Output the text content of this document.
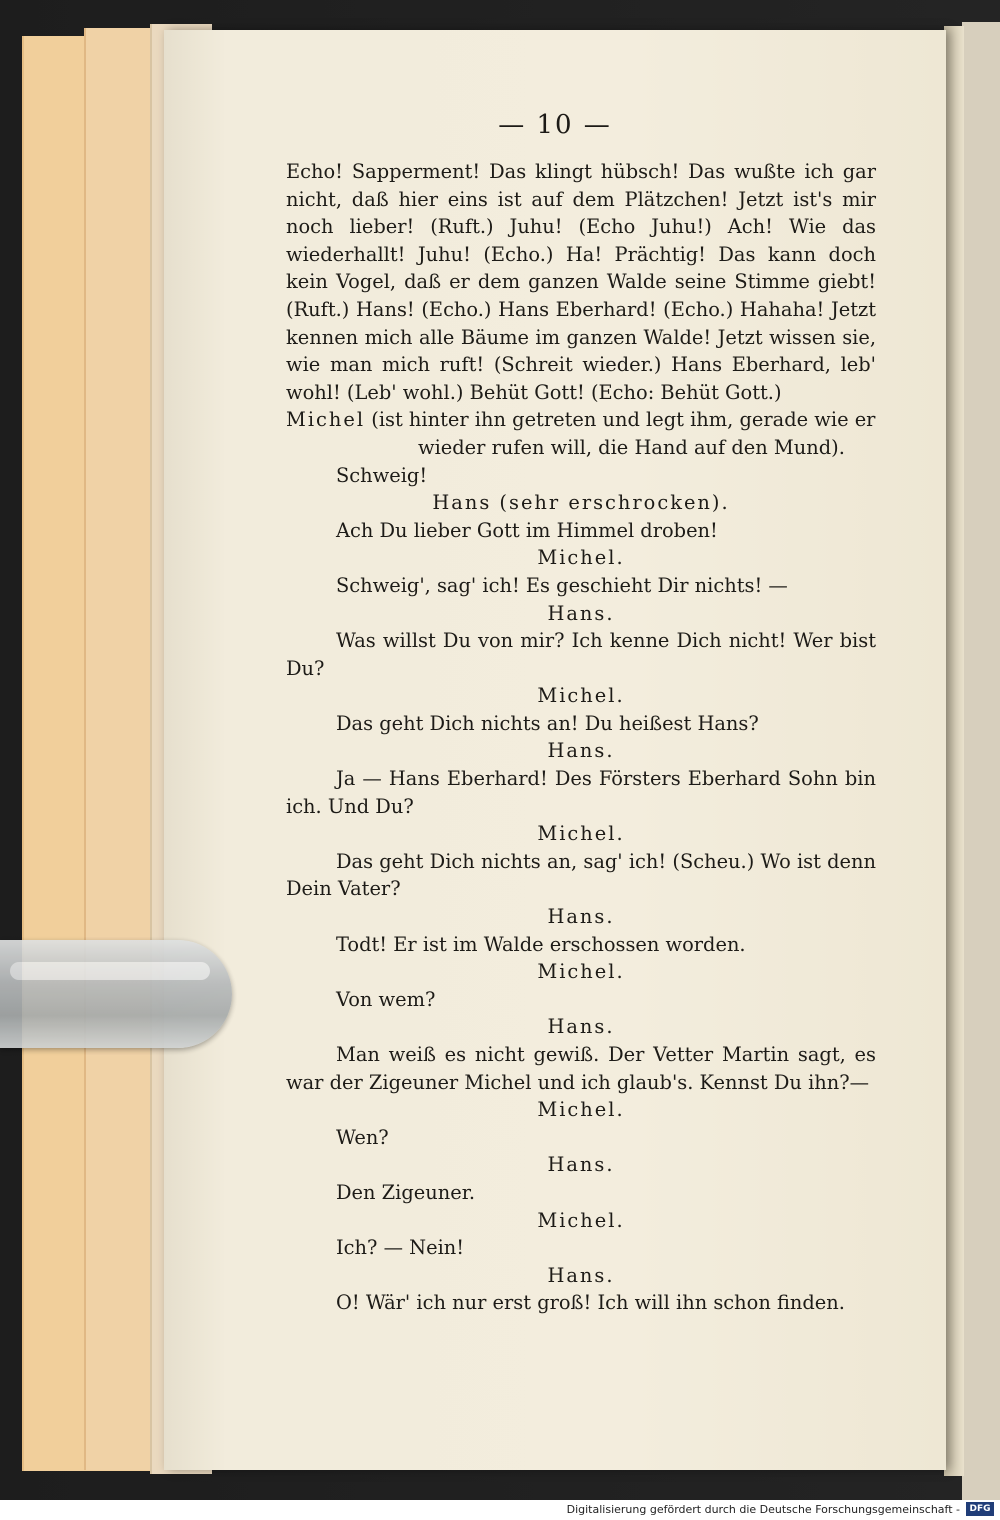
— 10 —

Echo! Sapperment! Das klingt hübsch! Das wußte ich gar nicht, daß hier eins ist auf dem Plätzchen! Jetzt ist's mir noch lieber! (Ruft.) Juhu! (Echo Juhu!) Ach! Wie das wiederhallt! Juhu! (Echo.) Ha! Prächtig! Das kann doch kein Vogel, daß er dem ganzen Walde seine Stimme giebt! (Ruft.) Hans! (Echo.) Hans Eberhard! (Echo.) Hahaha! Jetzt kennen mich alle Bäume im ganzen Walde! Jetzt wissen sie, wie man mich ruft! (Schreit wieder.) Hans Eberhard, leb' wohl! (Leb' wohl.) Behüt Gott! (Echo: Behüt Gott.)

Michel (ist hinter ihn getreten und legt ihm, gerade wie er wieder rufen will, die Hand auf den Mund).

Schweig!

Hans (sehr erschrocken).

Ach Du lieber Gott im Himmel droben!

Michel.

Schweig', sag' ich! Es geschieht Dir nichts! —

Hans.

Was willst Du von mir? Ich kenne Dich nicht! Wer bist Du?

Michel.

Das geht Dich nichts an! Du heißest Hans?

Hans.

Ja — Hans Eberhard! Des Försters Eberhard Sohn bin ich. Und Du?

Michel.

Das geht Dich nichts an, sag' ich! (Scheu.) Wo ist denn Dein Vater?

Hans.

Todt! Er ist im Walde erschossen worden.

Michel.

Von wem?

Hans.

Man weiß es nicht gewiß. Der Vetter Martin sagt, es war der Zigeuner Michel und ich glaub's. Kennst Du ihn?—

Michel.

Wen?

Hans.

Den Zigeuner.

Michel.

Ich? — Nein!

Hans.

O! Wär' ich nur erst groß! Ich will ihn schon finden.

Digitalisierung gefördert durch die Deutsche Forschungsgemeinschaft -	DFG
